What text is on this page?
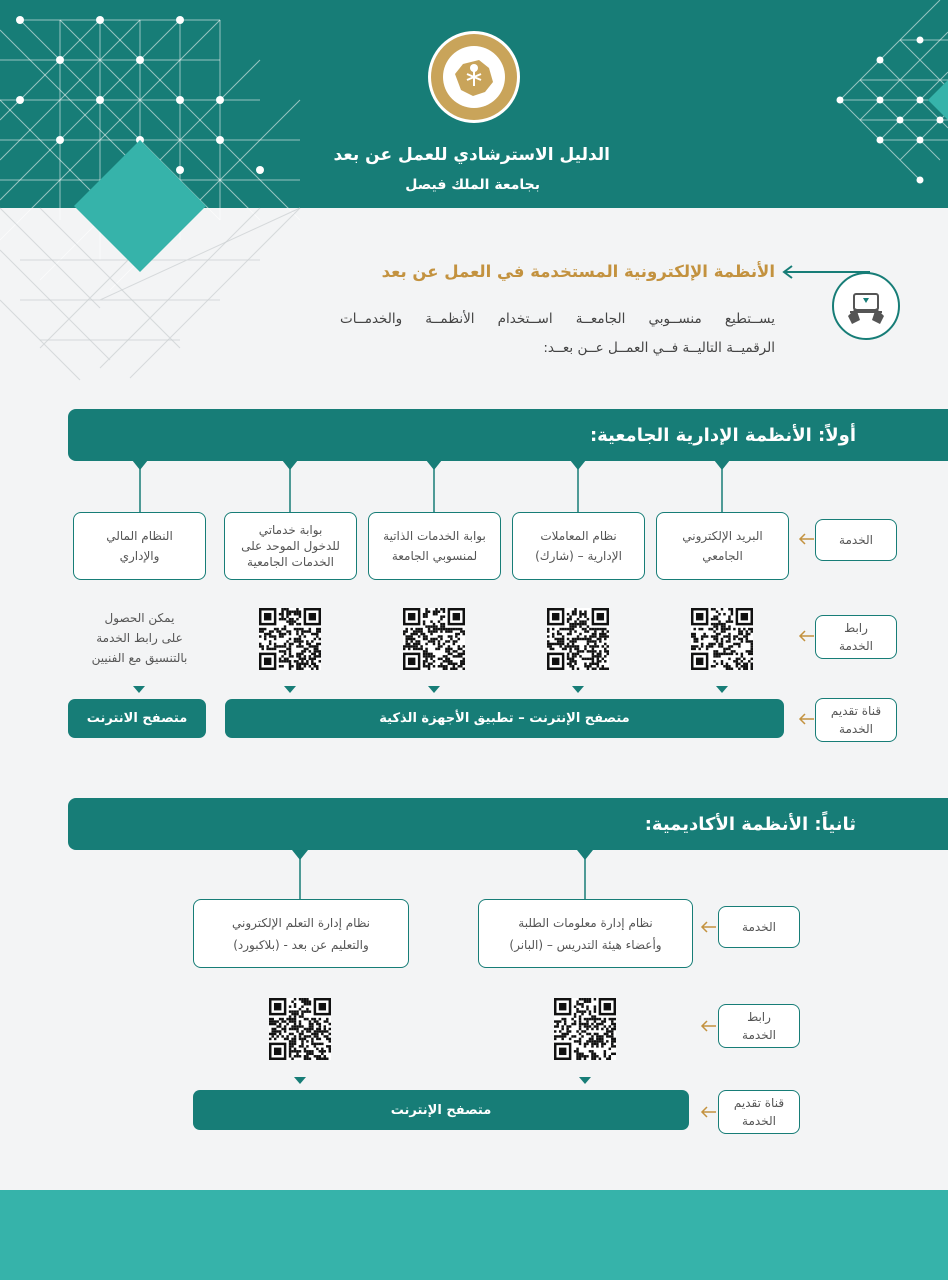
الدليل الاسترشادي للعمل عن بعد
بجامعة الملك فيصل
الأنظمة الإلكترونية المستخدمة في العمل عن بعد
يســتطيع منســوبي الجامعــة اســتخدام الأنظمــة والخدمــات
الرقميــة التاليــة فــي العمــل عــن بعــد:
أولاً: الأنظمة الإدارية الجامعية:
البريد الإلكتروني
الجامعي
نظام المعاملات
الإدارية – (شارك)
بوابة الخدمات الذاتية
لمنسوبي الجامعة
بوابة خدماتي
للدخول الموحد على
الخدمات الجامعية
النظام المالي
والإداري
الخدمة
رابط
الخدمة
قناة تقديم
الخدمة
يمكن الحصول
على رابط الخدمة
بالتنسيق مع الفنيين
متصفح الإنترنت – تطبيق الأجهزة الذكية
متصفح الانترنت
ثانياً: الأنظمة الأكاديمية:
نظام إدارة معلومات الطلبة
وأعضاء هيئة التدريس – (البانر)
نظام إدارة التعلم الإلكتروني
والتعليم عن بعد - (بلاكبورد)
الخدمة
رابط
الخدمة
قناة تقديم
الخدمة
متصفح الإنترنت
